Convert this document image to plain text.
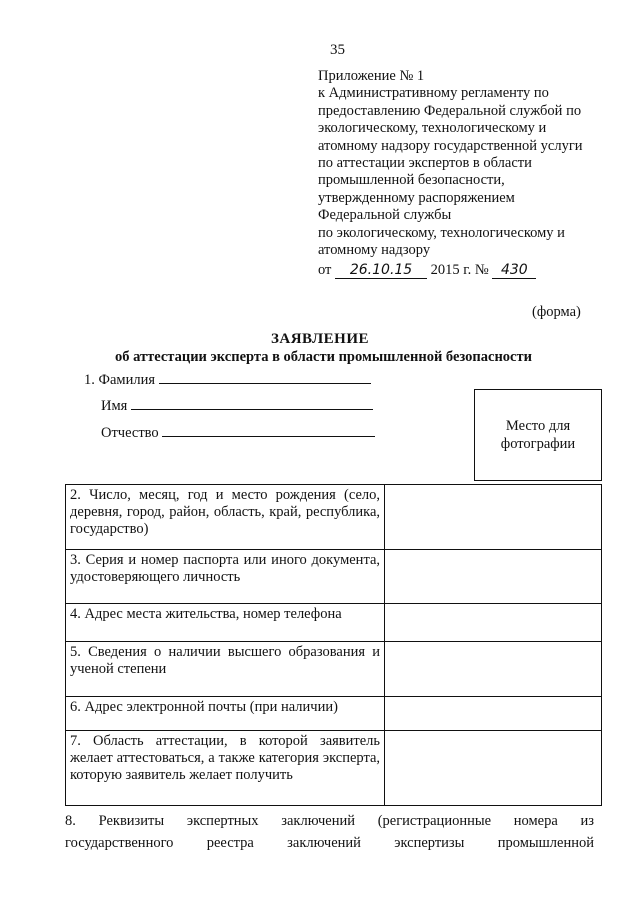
35
Приложение № 1
к Административному регламенту по
предоставлению Федеральной службой по
экологическому, технологическому и
атомному надзору государственной услуги
по аттестации экспертов в области
промышленной безопасности,
утвержденному распоряжением
Федеральной службы
по экологическому, технологическому и
атомному надзору
от 26.10.15 2015 г. № 430
(форма)
ЗАЯВЛЕНИЕ
об аттестации эксперта в области промышленной безопасности
1. Фамилия
Имя
Отчество	Место для фотографии
2. Число, месяц, год и место рождения (село, деревня, город, район, область, край, республика, государство)	
3. Серия и номер паспорта или иного документа, удостоверяющего личность	
4. Адрес места жительства, номер телефона	
5. Сведения о наличии высшего образования и ученой степени	
6. Адрес электронной почты (при наличии)	
7. Область аттестации, в которой заявитель желает аттестоваться, а также категория эксперта, которую заявитель желает получить	
8. Реквизиты экспертных заключений (регистрационные номера из
государственного реестра заключений экспертизы промышленной
